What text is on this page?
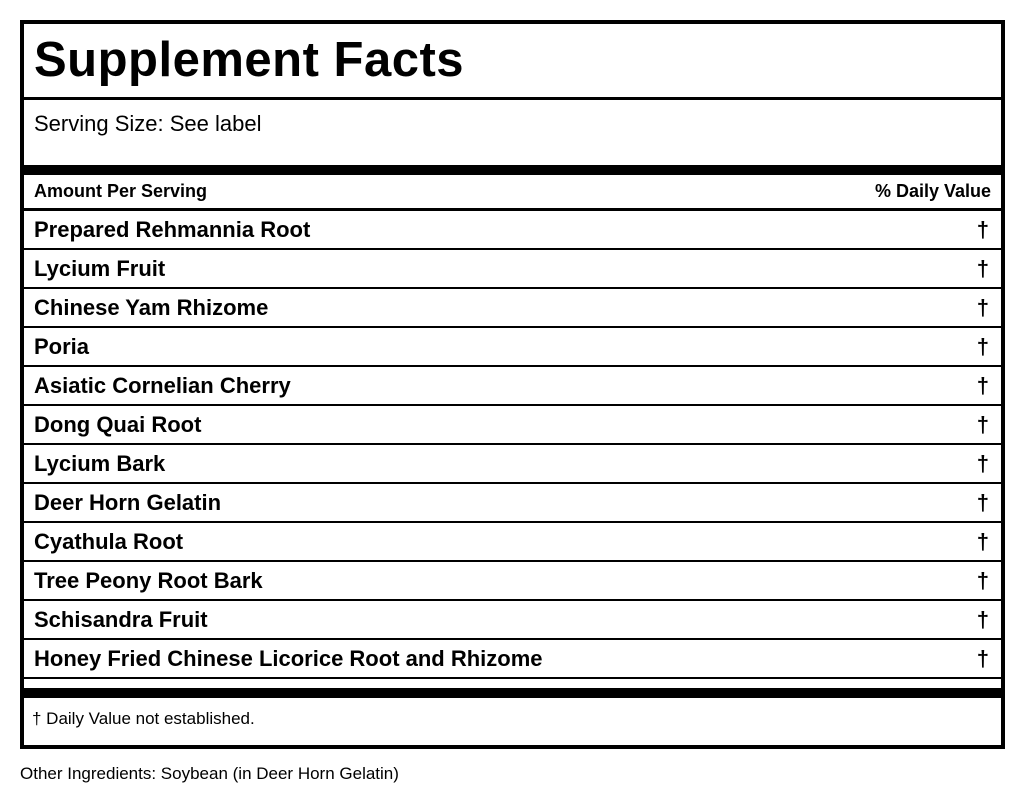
Supplement Facts
Serving Size: See label
Amount Per Serving	% Daily Value
Prepared Rehmannia Root	†
Lycium Fruit	†
Chinese Yam Rhizome	†
Poria	†
Asiatic Cornelian Cherry	†
Dong Quai Root	†
Lycium Bark	†
Deer Horn Gelatin	†
Cyathula Root	†
Tree Peony Root Bark	†
Schisandra Fruit	†
Honey Fried Chinese Licorice Root and Rhizome	†
† Daily Value not established.
Other Ingredients: Soybean (in Deer Horn Gelatin)
